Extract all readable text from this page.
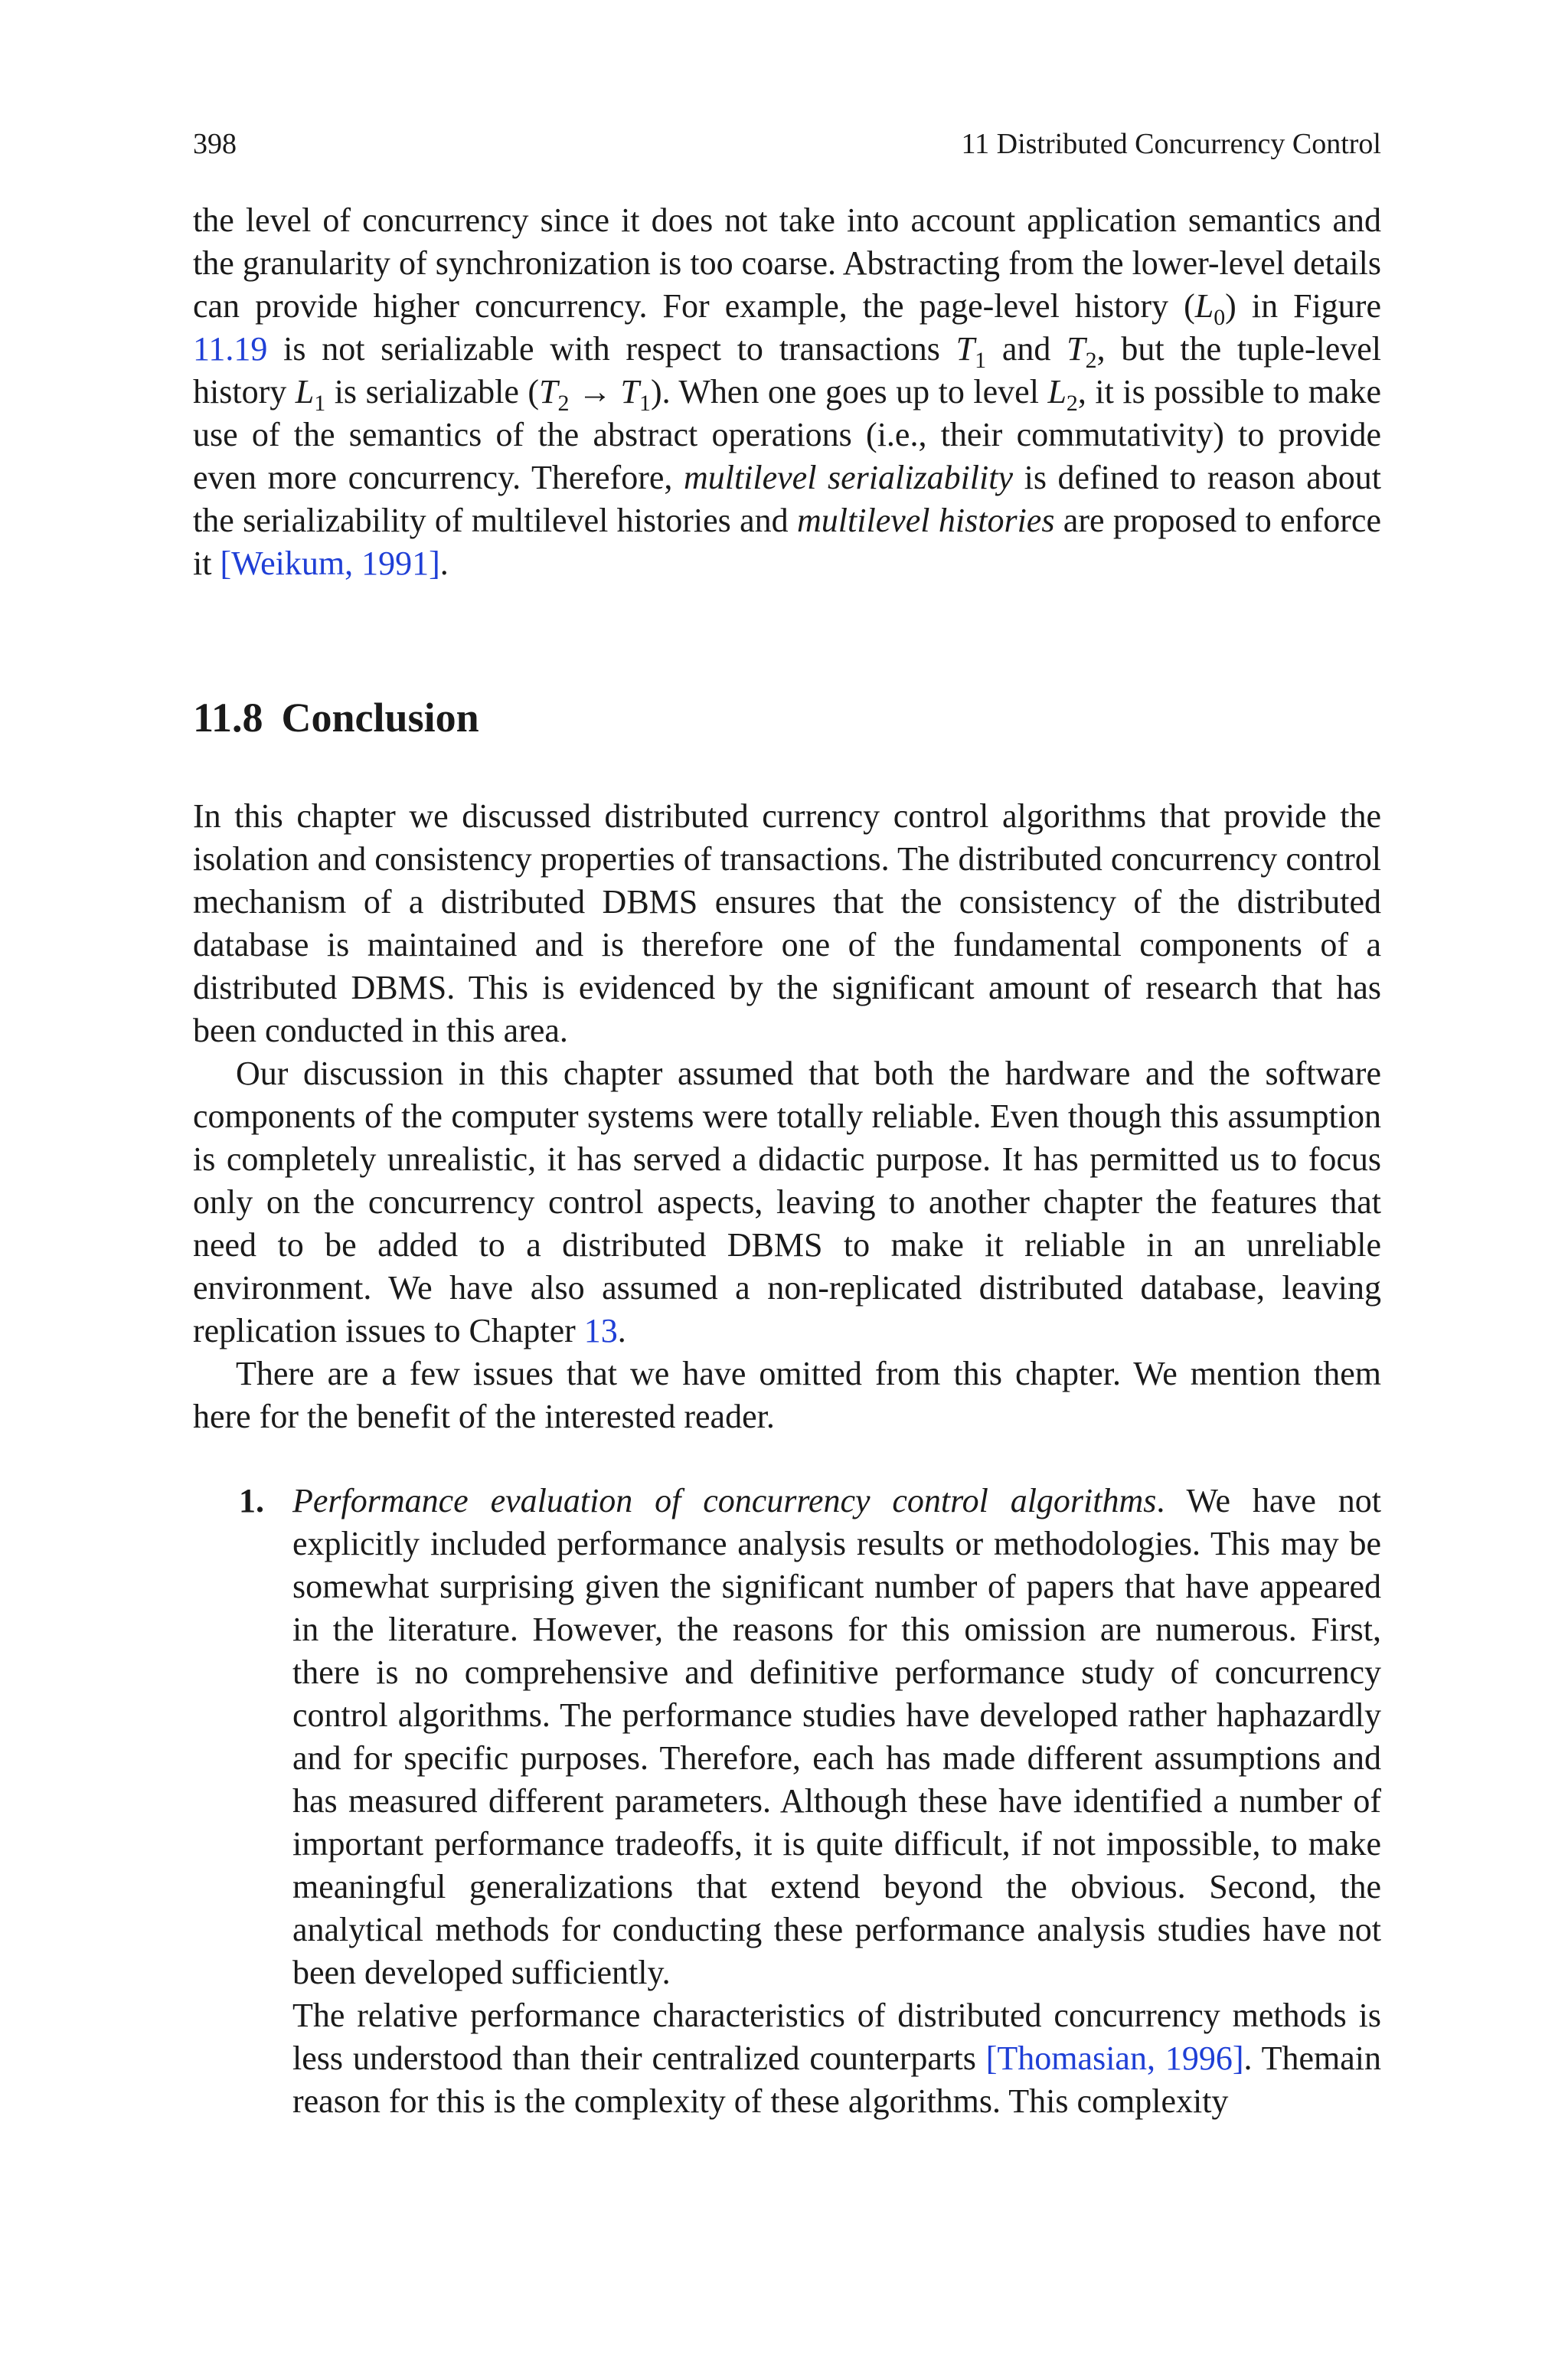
398	11 Distributed Concurrency Control

the level of concurrency since it does not take into account application semantics and the granularity of synchronization is too coarse. Abstracting from the lower-level details can provide higher concurrency. For example, the page-level history $(L_0)$ in Figure 11.19 is not serializable with respect to transactions $T_1$ and $T_2$, but the tuple-level history $L_1$ is serializable $(T_2 \to T_1)$. When one goes up to level $L_2$, it is possible to make use of the semantics of the abstract operations (i.e., their commutativity) to provide even more concurrency. Therefore, multilevel serializability is defined to reason about the serializability of multilevel histories and multilevel histories are proposed to enforce it [Weikum, 1991].

11.8 Conclusion

In this chapter we discussed distributed currency control algorithms that provide the isolation and consistency properties of transactions. The distributed concurrency control mechanism of a distributed DBMS ensures that the consistency of the distributed database is maintained and is therefore one of the fundamental components of a distributed DBMS. This is evidenced by the significant amount of research that has been conducted in this area.

Our discussion in this chapter assumed that both the hardware and the software components of the computer systems were totally reliable. Even though this assumption is completely unrealistic, it has served a didactic purpose. It has permitted us to focus only on the concurrency control aspects, leaving to another chapter the features that need to be added to a distributed DBMS to make it reliable in an unreliable environment. We have also assumed a non-replicated distributed database, leaving replication issues to Chapter 13.

There are a few issues that we have omitted from this chapter. We mention them here for the benefit of the interested reader.

1. Performance evaluation of concurrency control algorithms. We have not explicitly included performance analysis results or methodologies. This may be somewhat surprising given the significant number of papers that have appeared in the literature. However, the reasons for this omission are numerous. First, there is no comprehensive and definitive performance study of concurrency control algorithms. The performance studies have developed rather haphazardly and for specific purposes. Therefore, each has made different assumptions and has measured different parameters. Although these have identified a number of important performance tradeoffs, it is quite difficult, if not impossible, to make meaningful generalizations that extend beyond the obvious. Second, the analytical methods for conducting these performance analysis studies have not been developed sufficiently.

The relative performance characteristics of distributed concurrency methods is less understood than their centralized counterparts [Thomasian, 1996]. Themain reason for this is the complexity of these algorithms. This complexity
